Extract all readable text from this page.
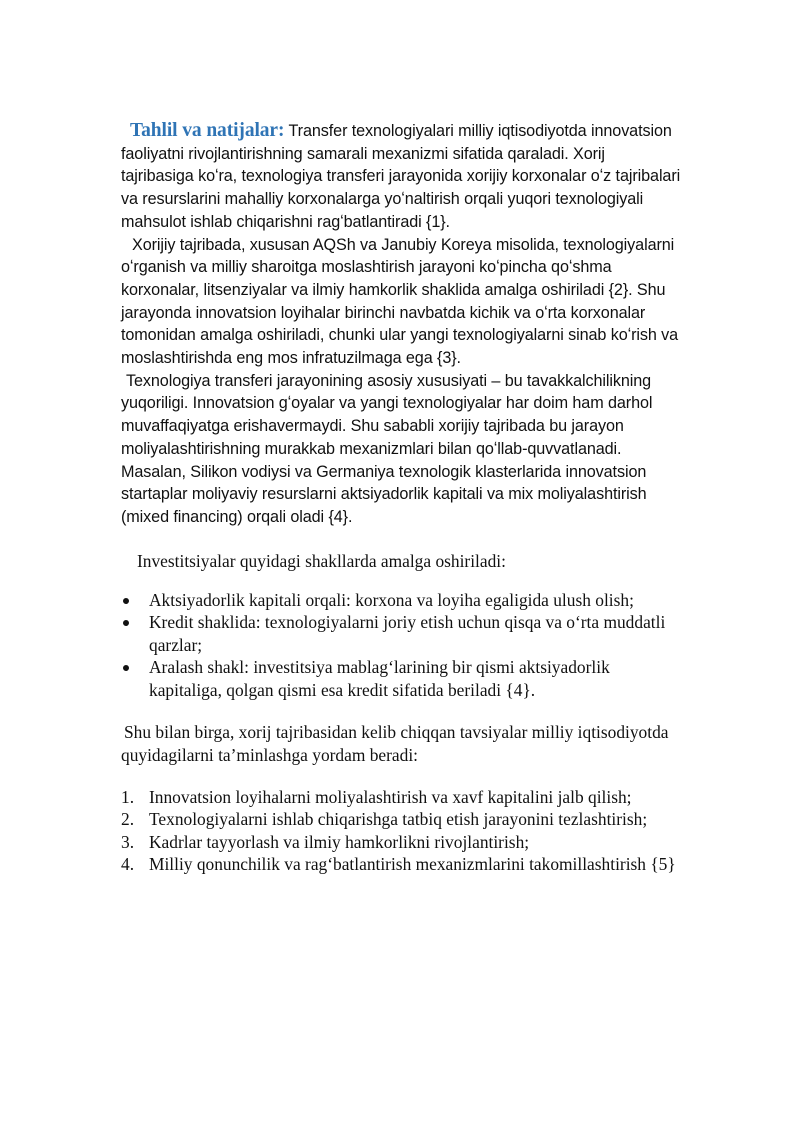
Tahlil va natijalar: Transfer texnologiyalari milliy iqtisodiyotda innovatsion faoliyatni rivojlantirishning samarali mexanizmi sifatida qaraladi. Xorij tajribasiga koʻra, texnologiya transferi jarayonida xorijiy korxonalar oʻz tajribalari va resurslarini mahalliy korxonalarga yoʻnaltirish orqali yuqori texnologiyali mahsulot ishlab chiqarishni ragʻbatlantiradi {1}.

Xorijiy tajribada, xususan AQSh va Janubiy Koreya misolida, texnologiyalarni oʻrganish va milliy sharoitga moslashtirish jarayoni koʻpincha qoʻshma korxonalar, litsenziyalar va ilmiy hamkorlik shaklida amalga oshiriladi {2}. Shu jarayonda innovatsion loyihalar birinchi navbatda kichik va oʻrta korxonalar tomonidan amalga oshiriladi, chunki ular yangi texnologiyalarni sinab koʻrish va moslashtirishda eng mos infratuzilmaga ega {3}.

Texnologiya transferi jarayonining asosiy xususiyati – bu tavakkalchilikning yuqoriligi. Innovatsion gʻoyalar va yangi texnologiyalar har doim ham darhol muvaffaqiyatga erishavermaydi. Shu sababli xorijiy tajribada bu jarayon moliyalashtirishning murakkab mexanizmlari bilan qoʻllab-quvvatlanadi. Masalan, Silikon vodiysi va Germaniya texnologik klasterlarida innovatsion startaplar moliyaviy resurslarni aktsiyadorlik kapitali va mix moliyalashtirish (mixed financing) orqali oladi {4}.

Investitsiyalar quyidagi shakllarda amalga oshiriladi:

Aktsiyadorlik kapitali orqali: korxona va loyiha egaligida ulush olish;
Kredit shaklida: texnologiyalarni joriy etish uchun qisqa va oʻrta muddatli qarzlar;
Aralash shakl: investitsiya mablagʻlarining bir qismi aktsiyadorlik kapitaliga, qolgan qismi esa kredit sifatida beriladi {4}.

Shu bilan birga, xorij tajribasidan kelib chiqqan tavsiyalar milliy iqtisodiyotda quyidagilarni taʼminlashga yordam beradi:

1. Innovatsion loyihalarni moliyalashtirish va xavf kapitalini jalb qilish;
2. Texnologiyalarni ishlab chiqarishga tatbiq etish jarayonini tezlashtirish;
3. Kadrlar tayyorlash va ilmiy hamkorlikni rivojlantirish;
4. Milliy qonunchilik va ragʻbatlantirish mexanizmlarini takomillashtirish {5}
